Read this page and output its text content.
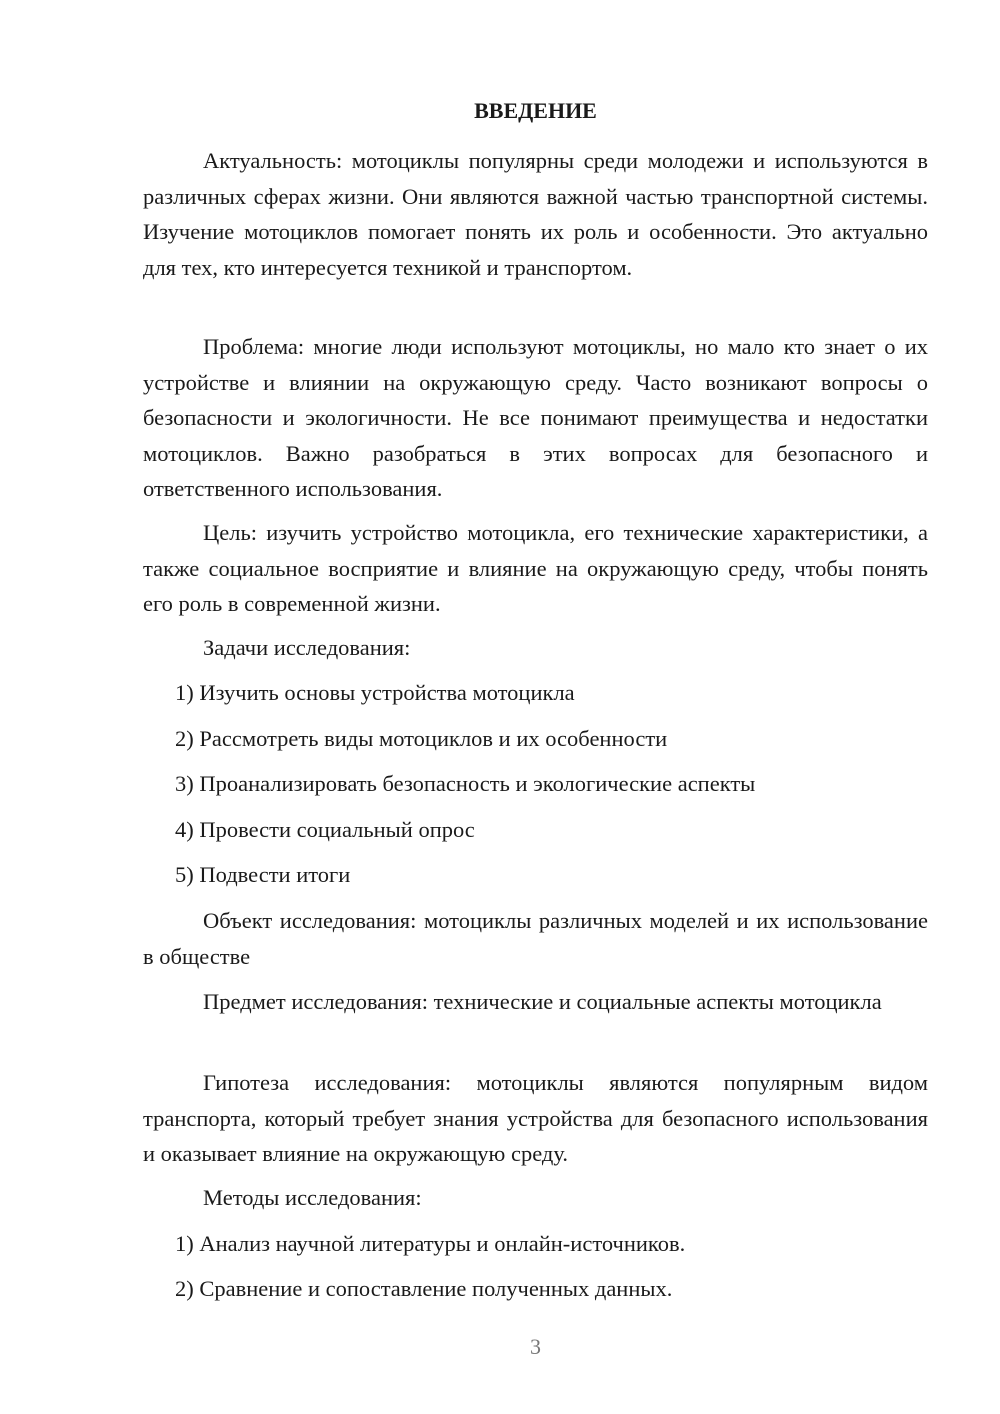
ВВЕДЕНИЕ

Актуальность: мотоциклы популярны среди молодежи и используются в различных сферах жизни. Они являются важной частью транспортной системы. Изучение мотоциклов помогает понять их роль и особенности. Это актуально для тех, кто интересуется техникой и транспортом.

Проблема: многие люди используют мотоциклы, но мало кто знает о их устройстве и влиянии на окружающую среду. Часто возникают вопросы о безопасности и экологичности. Не все понимают преимущества и недостатки мотоциклов. Важно разобраться в этих вопросах для безопасного и ответственного использования.

Цель: изучить устройство мотоцикла, его технические характеристики, а также социальное восприятие и влияние на окружающую среду, чтобы понять его роль в современной жизни.

Задачи исследования:

1) Изучить основы устройства мотоцикла

2) Рассмотреть виды мотоциклов и их особенности

3) Проанализировать безопасность и экологические аспекты

4) Провести социальный опрос

5) Подвести итоги

Объект исследования: мотоциклы различных моделей и их использование в обществе

Предмет исследования: технические и социальные аспекты мотоцикла

Гипотеза исследования: мотоциклы являются популярным видом транспорта, который требует знания устройства для безопасного использования и оказывает влияние на окружающую среду.

Методы исследования:

1) Анализ научной литературы и онлайн-источников.

2) Сравнение и сопоставление полученных данных.

3
